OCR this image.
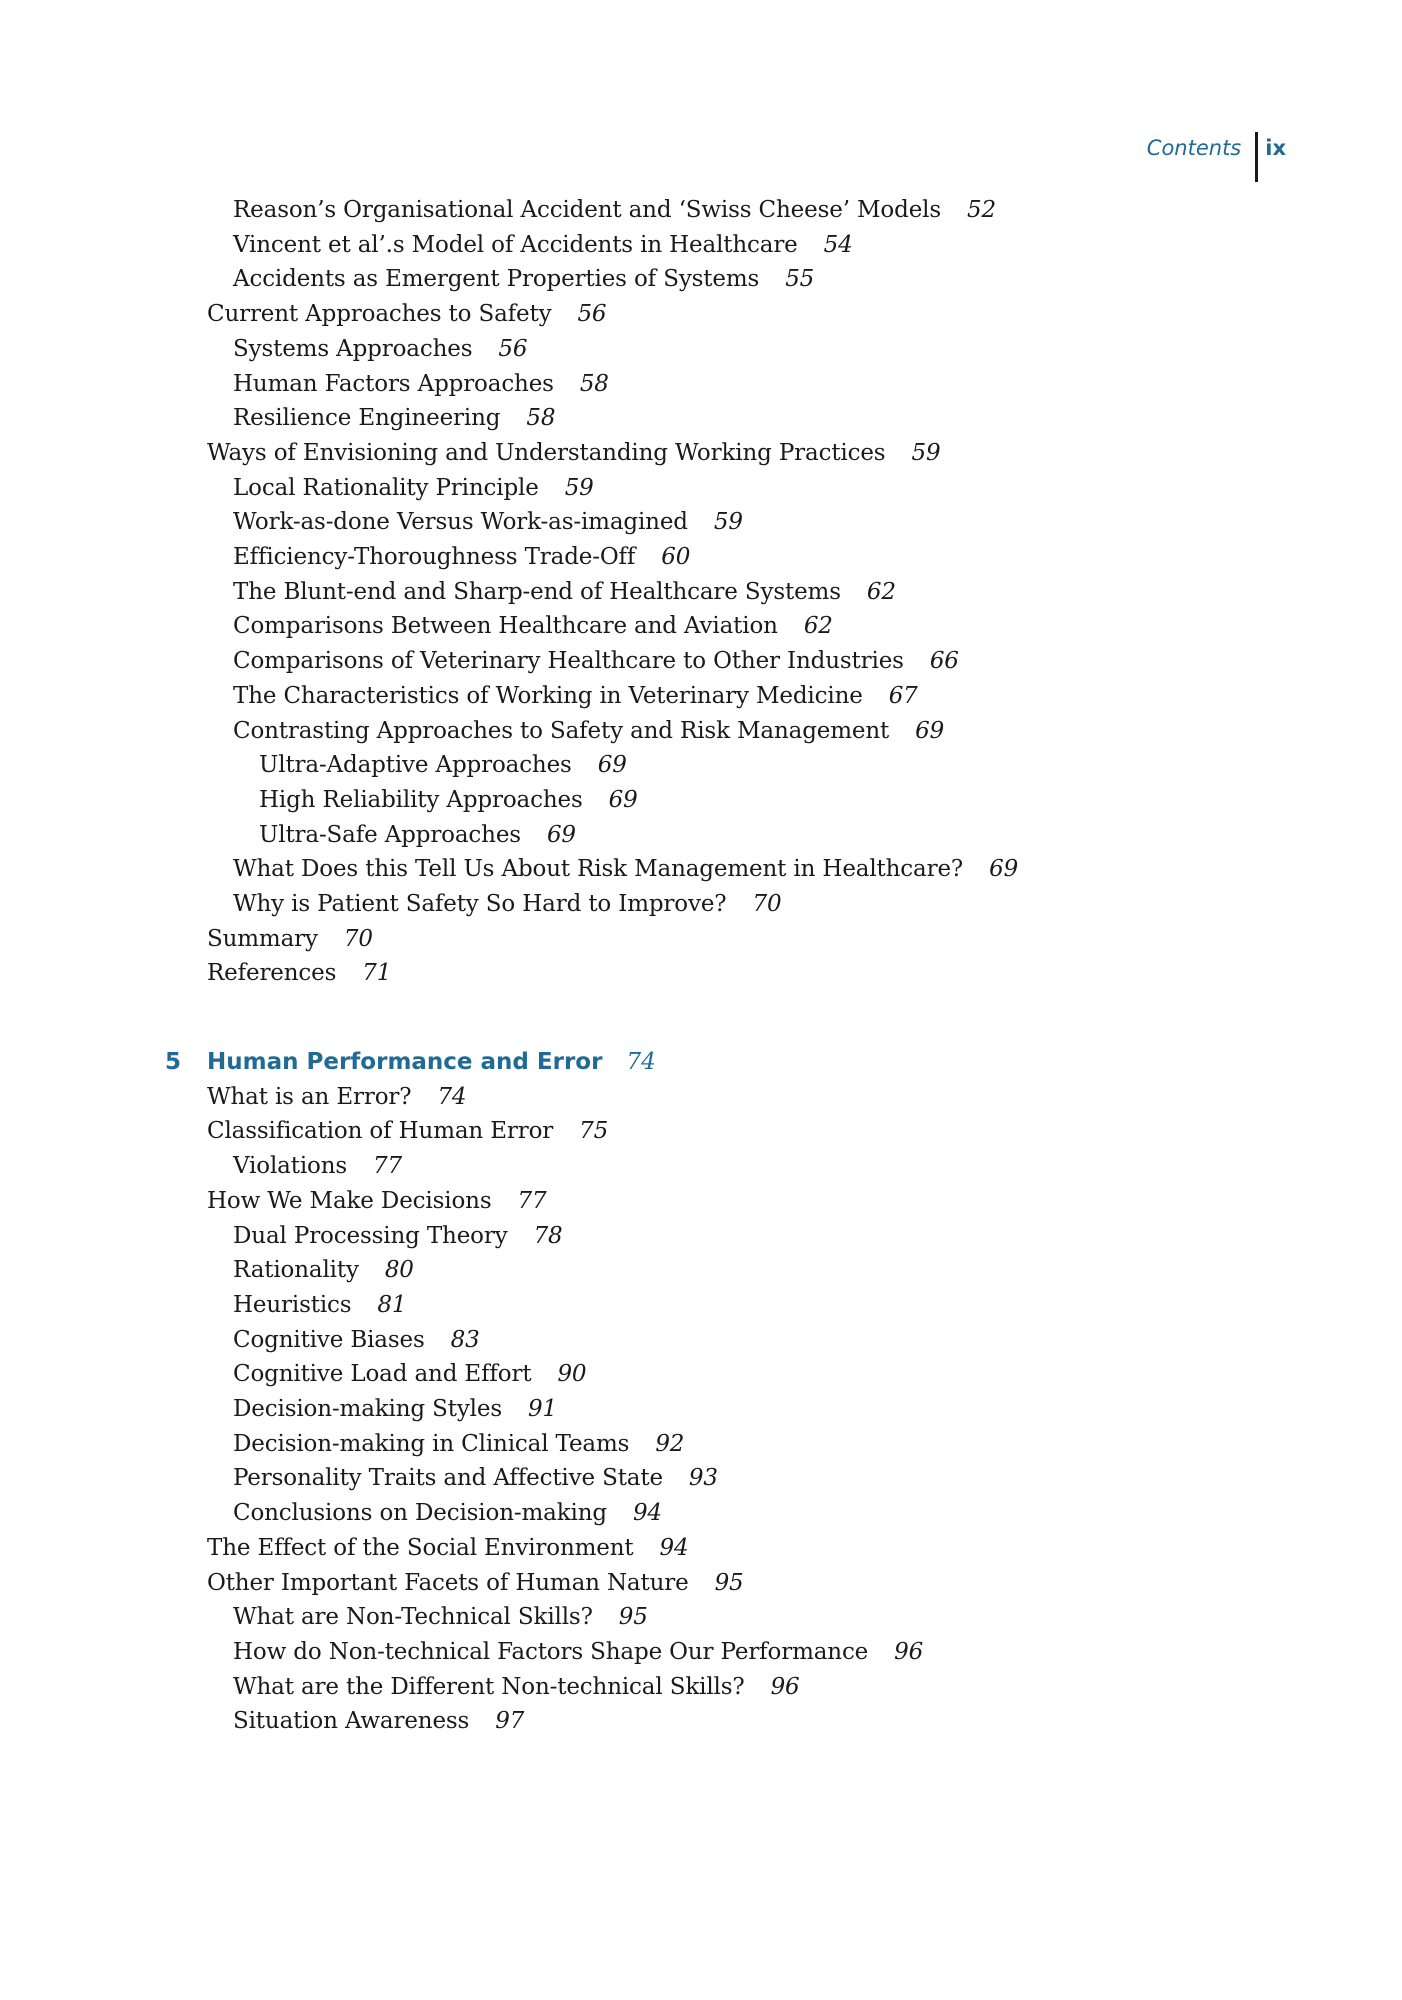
Contents	ix
5 Human Performance and Error 74
Reason’s Organisational Accident and ‘Swiss Cheese’ Models 52
Vincent et al’.s Model of Accidents in Healthcare 54
Accidents as Emergent Properties of Systems 55
Current Approaches to Safety 56
Systems Approaches 56
Human Factors Approaches 58
Resilience Engineering 58
Ways of Envisioning and Understanding Working Practices 59
Local Rationality Principle 59
Work-as-done Versus Work-as-imagined 59
Efficiency-Thoroughness Trade-Off 60
The Blunt-end and Sharp-end of Healthcare Systems 62
Comparisons Between Healthcare and Aviation 62
Comparisons of Veterinary Healthcare to Other Industries 66
The Characteristics of Working in Veterinary Medicine 67
Contrasting Approaches to Safety and Risk Management 69
Ultra-Adaptive Approaches 69
High Reliability Approaches 69
Ultra-Safe Approaches 69
What Does this Tell Us About Risk Management in Healthcare? 69
Why is Patient Safety So Hard to Improve? 70
Summary 70
References 71
What is an Error? 74
Classification of Human Error 75
Violations 77
How We Make Decisions 77
Dual Processing Theory 78
Rationality 80
Heuristics 81
Cognitive Biases 83
Cognitive Load and Effort 90
Decision-making Styles 91
Decision-making in Clinical Teams 92
Personality Traits and Affective State 93
Conclusions on Decision-making 94
The Effect of the Social Environment 94
Other Important Facets of Human Nature 95
What are Non-Technical Skills? 95
How do Non-technical Factors Shape Our Performance 96
What are the Different Non-technical Skills? 96
Situation Awareness 97
